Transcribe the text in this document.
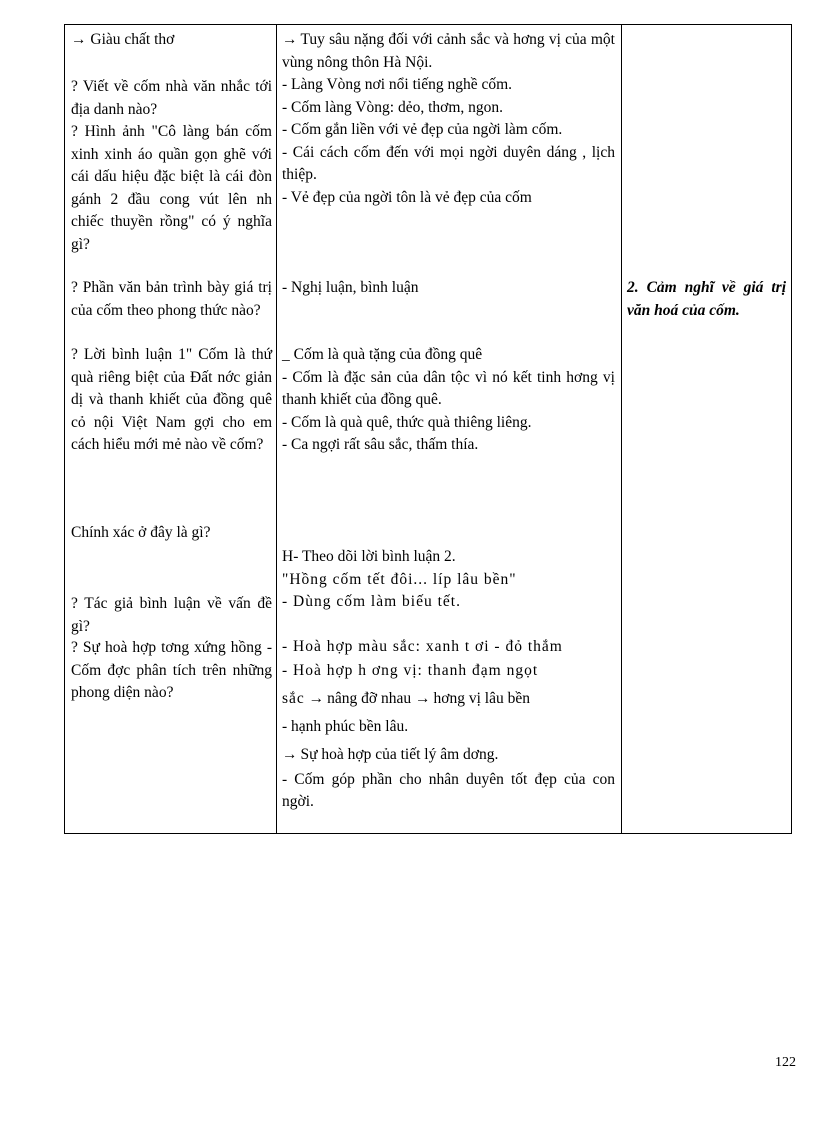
→ Giàu chất thơ

? Viết về cốm nhà văn nhắc tới địa danh nào?

? Hình ảnh "Cô làng bán cốm xinh xinh áo quần gọn ghẽ với cái dấu hiệu đặc biệt là cái đòn gánh 2 đầu cong vút lên nh chiếc thuyền rồng" có ý nghĩa gì?

? Phần văn bản trình bày giá trị của cốm theo phong thức nào?

? Lời bình luận 1" Cốm là thứ quà riêng biệt của Đất nớc giản dị và thanh khiết của đồng quê cỏ nội Việt Nam gợi cho em cách hiểu mới mẻ nào về cốm?

Chính xác ở đây là gì?

? Tác giả bình luận về vấn đề gì?

? Sự hoà hợp tơng xứng hồng - Cốm đợc phân tích trên những phong diện nào?

→ Tuy sâu nặng đối với cảnh sắc và hơng vị của một vùng nông thôn Hà Nội.

- Làng Vòng nơi nổi tiếng nghề cốm.

- Cốm làng Vòng: dẻo, thơm, ngon.

- Cốm gắn liền với vẻ đẹp của ngời làm cốm.

- Cái cách cốm đến với mọi ngời duyên dáng , lịch thiệp.

- Vẻ đẹp của ngời tôn là vẻ đẹp của cốm

- Nghị luận, bình luận

_ Cốm là quà tặng của đồng quê

- Cốm là đặc sản của dân tộc vì nó kết tinh hơng vị thanh khiết của đồng quê.

- Cốm là quà quê, thức quà thiêng liêng.

- Ca ngợi rất sâu sắc, thấm thía.

H- Theo dõi lời bình luận 2.

"Hồng cốm tết đôi... líp lâu bền"

- Dùng cốm làm biếu tết.

- Hoà hợp màu sắc: xanh t ơi - đỏ thắm

- Hoà hợp h ơng vị: thanh đạm ngọt

sắc → nâng đỡ nhau → hơng vị lâu bền

- hạnh phúc bền lâu.

→ Sự hoà hợp của tiết lý âm dơng.

- Cốm góp phần cho nhân duyên tốt đẹp của con ngời.

2. Cảm nghĩ về giá trị văn hoá của cốm.

122
